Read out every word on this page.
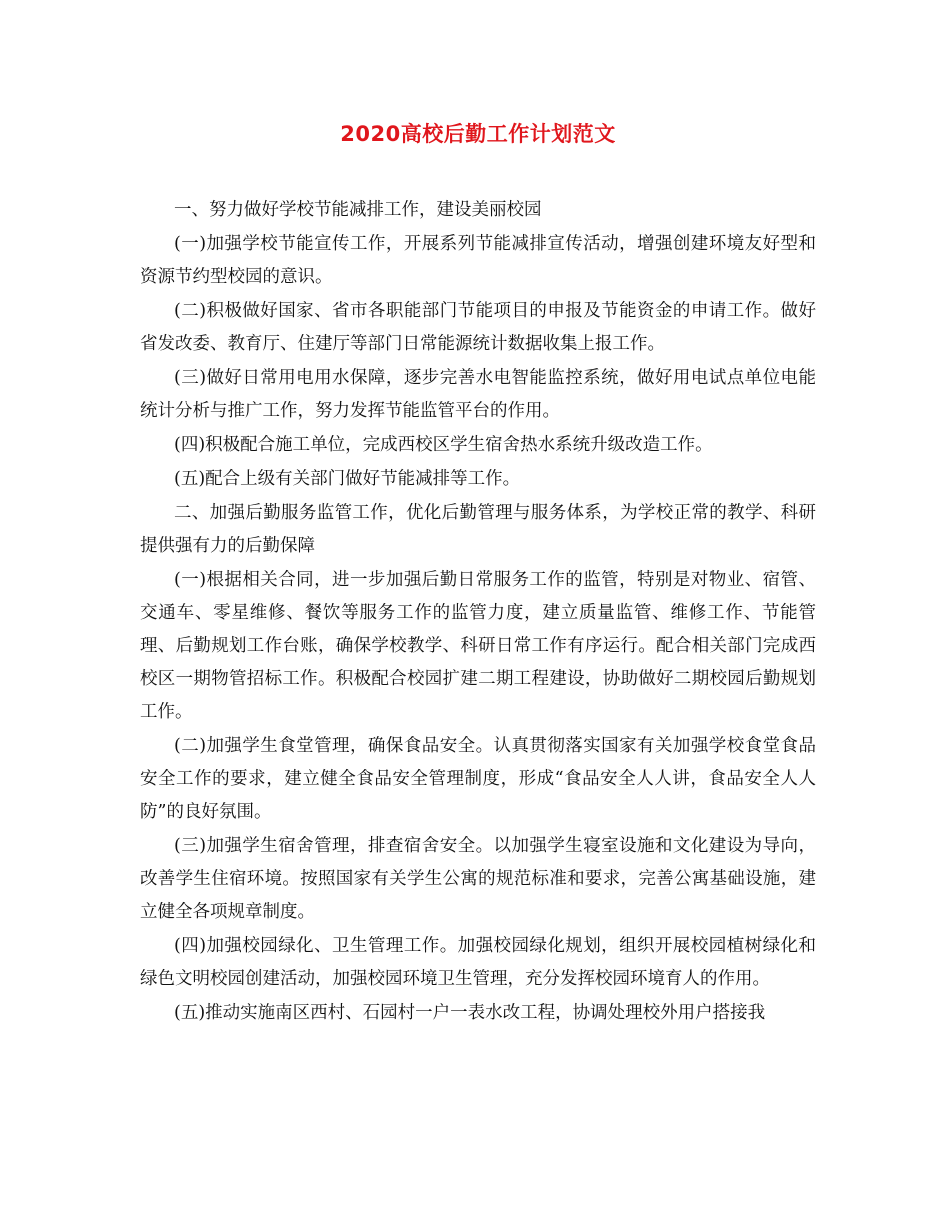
2020高校后勤工作计划范文

一、努力做好学校节能减排工作，建设美丽校园

(一)加强学校节能宣传工作，开展系列节能减排宣传活动，增强创建环境友好型和资源节约型校园的意识。

(二)积极做好国家、省市各职能部门节能项目的申报及节能资金的申请工作。做好省发改委、教育厅、住建厅等部门日常能源统计数据收集上报工作。

(三)做好日常用电用水保障，逐步完善水电智能监控系统，做好用电试点单位电能统计分析与推广工作，努力发挥节能监管平台的作用。

(四)积极配合施工单位，完成西校区学生宿舍热水系统升级改造工作。

(五)配合上级有关部门做好节能减排等工作。

二、加强后勤服务监管工作，优化后勤管理与服务体系，为学校正常的教学、科研提供强有力的后勤保障

(一)根据相关合同，进一步加强后勤日常服务工作的监管，特别是对物业、宿管、交通车、零星维修、餐饮等服务工作的监管力度，建立质量监管、维修工作、节能管理、后勤规划工作台账，确保学校教学、科研日常工作有序运行。配合相关部门完成西校区一期物管招标工作。积极配合校园扩建二期工程建设，协助做好二期校园后勤规划工作。

(二)加强学生食堂管理，确保食品安全。认真贯彻落实国家有关加强学校食堂食品安全工作的要求，建立健全食品安全管理制度，形成“食品安全人人讲，食品安全人人防”的良好氛围。

(三)加强学生宿舍管理，排查宿舍安全。以加强学生寝室设施和文化建设为导向，改善学生住宿环境。按照国家有关学生公寓的规范标准和要求，完善公寓基础设施，建立健全各项规章制度。

(四)加强校园绿化、卫生管理工作。加强校园绿化规划，组织开展校园植树绿化和绿色文明校园创建活动，加强校园环境卫生管理，充分发挥校园环境育人的作用。

(五)推动实施南区西村、石园村一户一表水改工程，协调处理校外用户搭接我
